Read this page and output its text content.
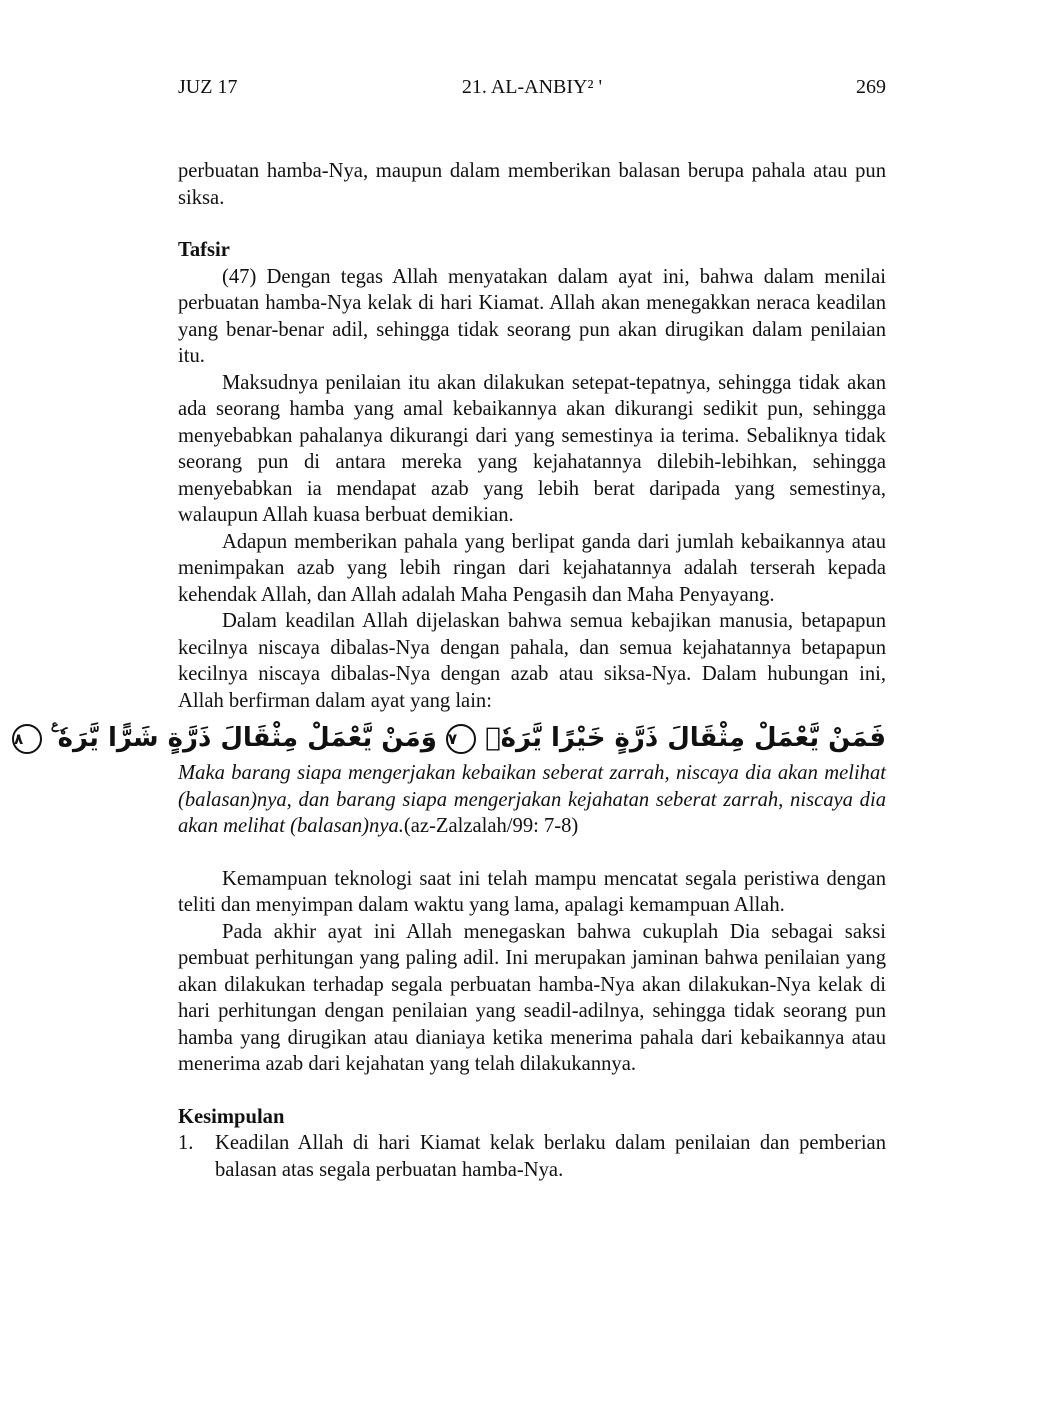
JUZ 17	21. AL-ANBIY² '	269

perbuatan hamba-Nya, maupun dalam memberikan balasan berupa pahala atau pun siksa.

Tafsir

(47) Dengan tegas Allah menyatakan dalam ayat ini, bahwa dalam menilai perbuatan hamba-Nya kelak di hari Kiamat. Allah akan menegakkan neraca keadilan yang benar-benar adil, sehingga tidak seorang pun akan dirugikan dalam penilaian itu.

Maksudnya penilaian itu akan dilakukan setepat-tepatnya, sehingga tidak akan ada seorang hamba yang amal kebaikannya akan dikurangi sedikit pun, sehingga menyebabkan pahalanya dikurangi dari yang semestinya ia terima. Sebaliknya tidak seorang pun di antara mereka yang kejahatannya dilebih-lebihkan, sehingga menyebabkan ia mendapat azab yang lebih berat daripada yang semestinya, walaupun Allah kuasa berbuat demikian.

Adapun memberikan pahala yang berlipat ganda dari jumlah kebaikannya atau menimpakan azab yang lebih ringan dari kejahatannya adalah terserah kepada kehendak Allah, dan Allah adalah Maha Pengasih dan Maha Penyayang.

Dalam keadilan Allah dijelaskan bahwa semua kebajikan manusia, betapapun kecilnya niscaya dibalas-Nya dengan pahala, dan semua kejahatannya betapapun kecilnya niscaya dibalas-Nya dengan azab atau siksa-Nya. Dalam hubungan ini, Allah berfirman dalam ayat yang lain:

فَمَنْ يَّعْمَلْ مِثْقَالَ ذَرَّةٍ خَيْرًا يَّرَهٗۚ ٧ وَمَنْ يَّعْمَلْ مِثْقَالَ ذَرَّةٍ شَرًّا يَّرَهٗ ࣖ ٨

Maka barang siapa mengerjakan kebaikan seberat zarrah, niscaya dia akan melihat (balasan)nya, dan barang siapa mengerjakan kejahatan seberat zarrah, niscaya dia akan melihat (balasan)nya.(az-Zalzalah/99: 7-8)

Kemampuan teknologi saat ini telah mampu mencatat segala peristiwa dengan teliti dan menyimpan dalam waktu yang lama, apalagi kemampuan Allah.

Pada akhir ayat ini Allah menegaskan bahwa cukuplah Dia sebagai saksi pembuat perhitungan yang paling adil. Ini merupakan jaminan bahwa penilaian yang akan dilakukan terhadap segala perbuatan hamba-Nya akan dilakukan-Nya kelak di hari perhitungan dengan penilaian yang seadil-adilnya, sehingga tidak seorang pun hamba yang dirugikan atau dianiaya ketika menerima pahala dari kebaikannya atau menerima azab dari kejahatan yang telah dilakukannya.

Kesimpulan
1. Keadilan Allah di hari Kiamat kelak berlaku dalam penilaian dan pemberian balasan atas segala perbuatan hamba-Nya.
